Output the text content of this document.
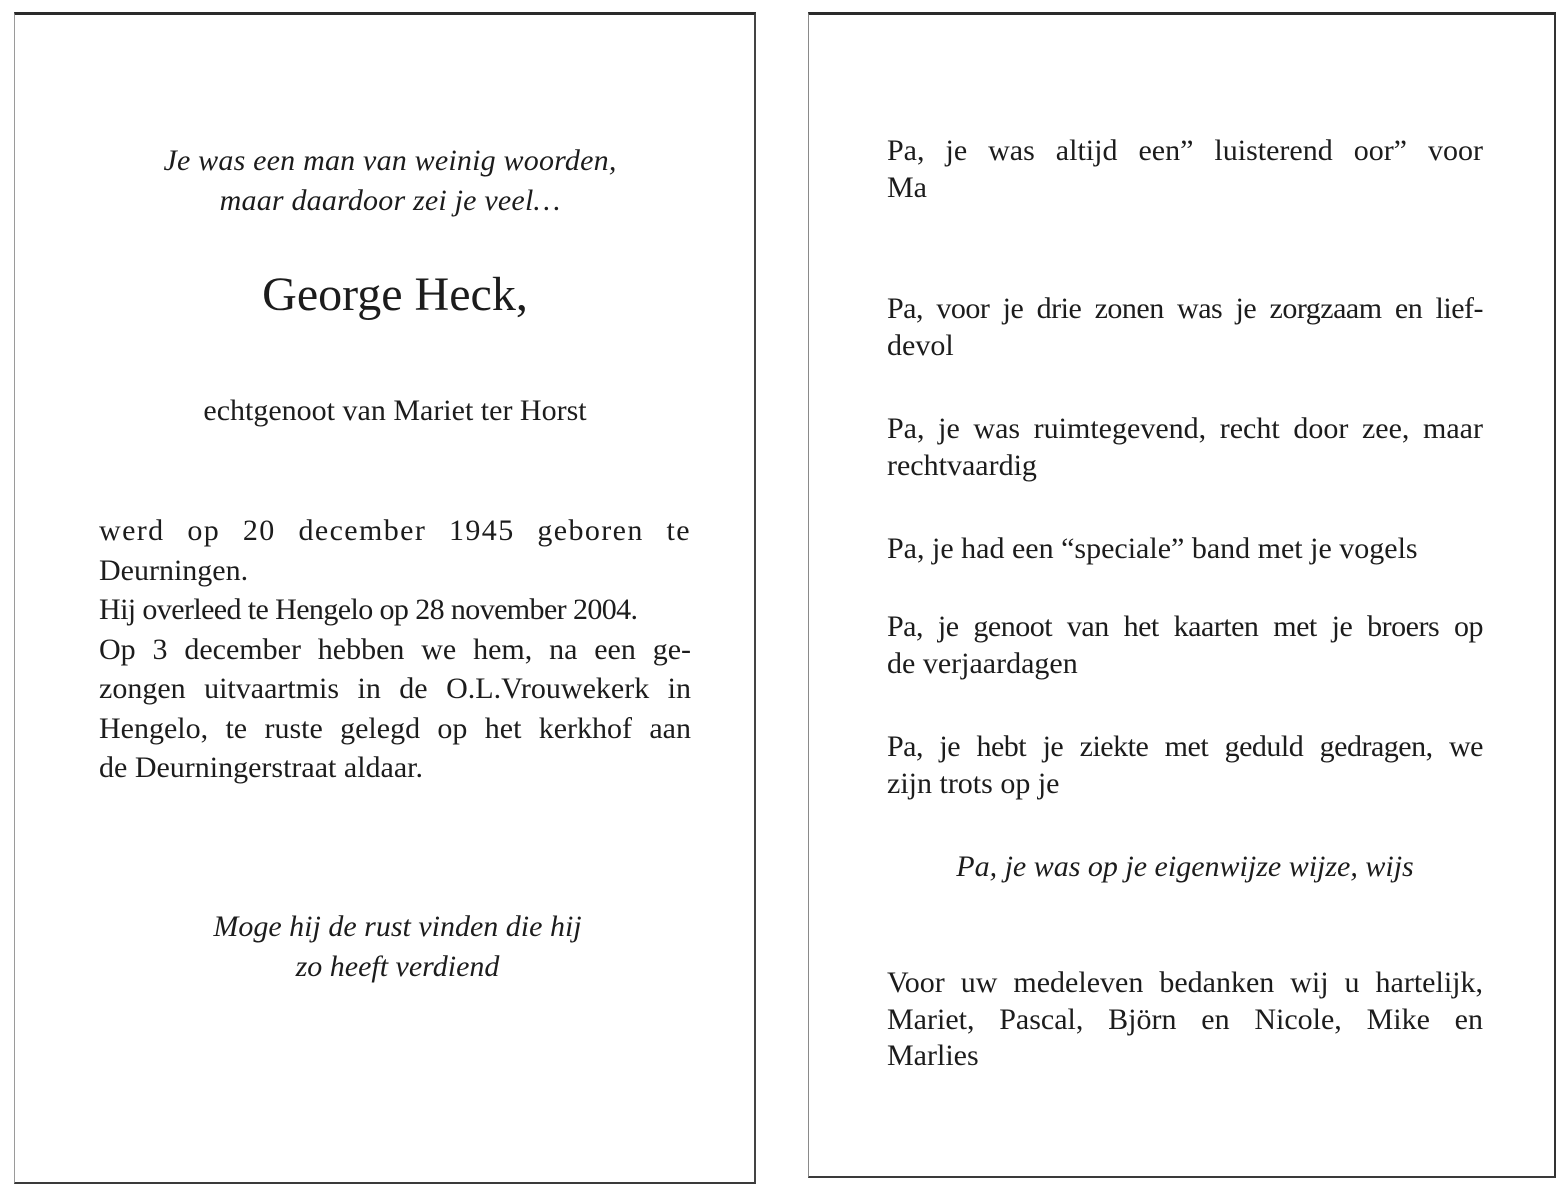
Je was een man van weinig woorden,
maar daardoor zei je veel…
George Heck,
echtgenoot van Mariet ter Horst
werd op 20 december 1945 geboren te
Deurningen.
Hij overleed te Hengelo op 28 november 2004.
Op 3 december hebben we hem, na een ge-
zongen uitvaartmis in de O.L.Vrouwekerk in
Hengelo, te ruste gelegd op het kerkhof aan
de Deurningerstraat aldaar.
Moge hij de rust vinden die hij
zo heeft verdiend
Pa, je was altijd een” luisterend oor” voor
Ma
Pa, voor je drie zonen was je zorgzaam en lief-
devol
Pa, je was ruimtegevend, recht door zee, maar
rechtvaardig
Pa, je had een “speciale” band met je vogels
Pa, je genoot van het kaarten met je broers op
de verjaardagen
Pa, je hebt je ziekte met geduld gedragen, we
zijn trots op je
Pa, je was op je eigenwijze wijze, wijs
Voor uw medeleven bedanken wij u hartelijk,
Mariet, Pascal, Björn en Nicole, Mike en
Marlies
